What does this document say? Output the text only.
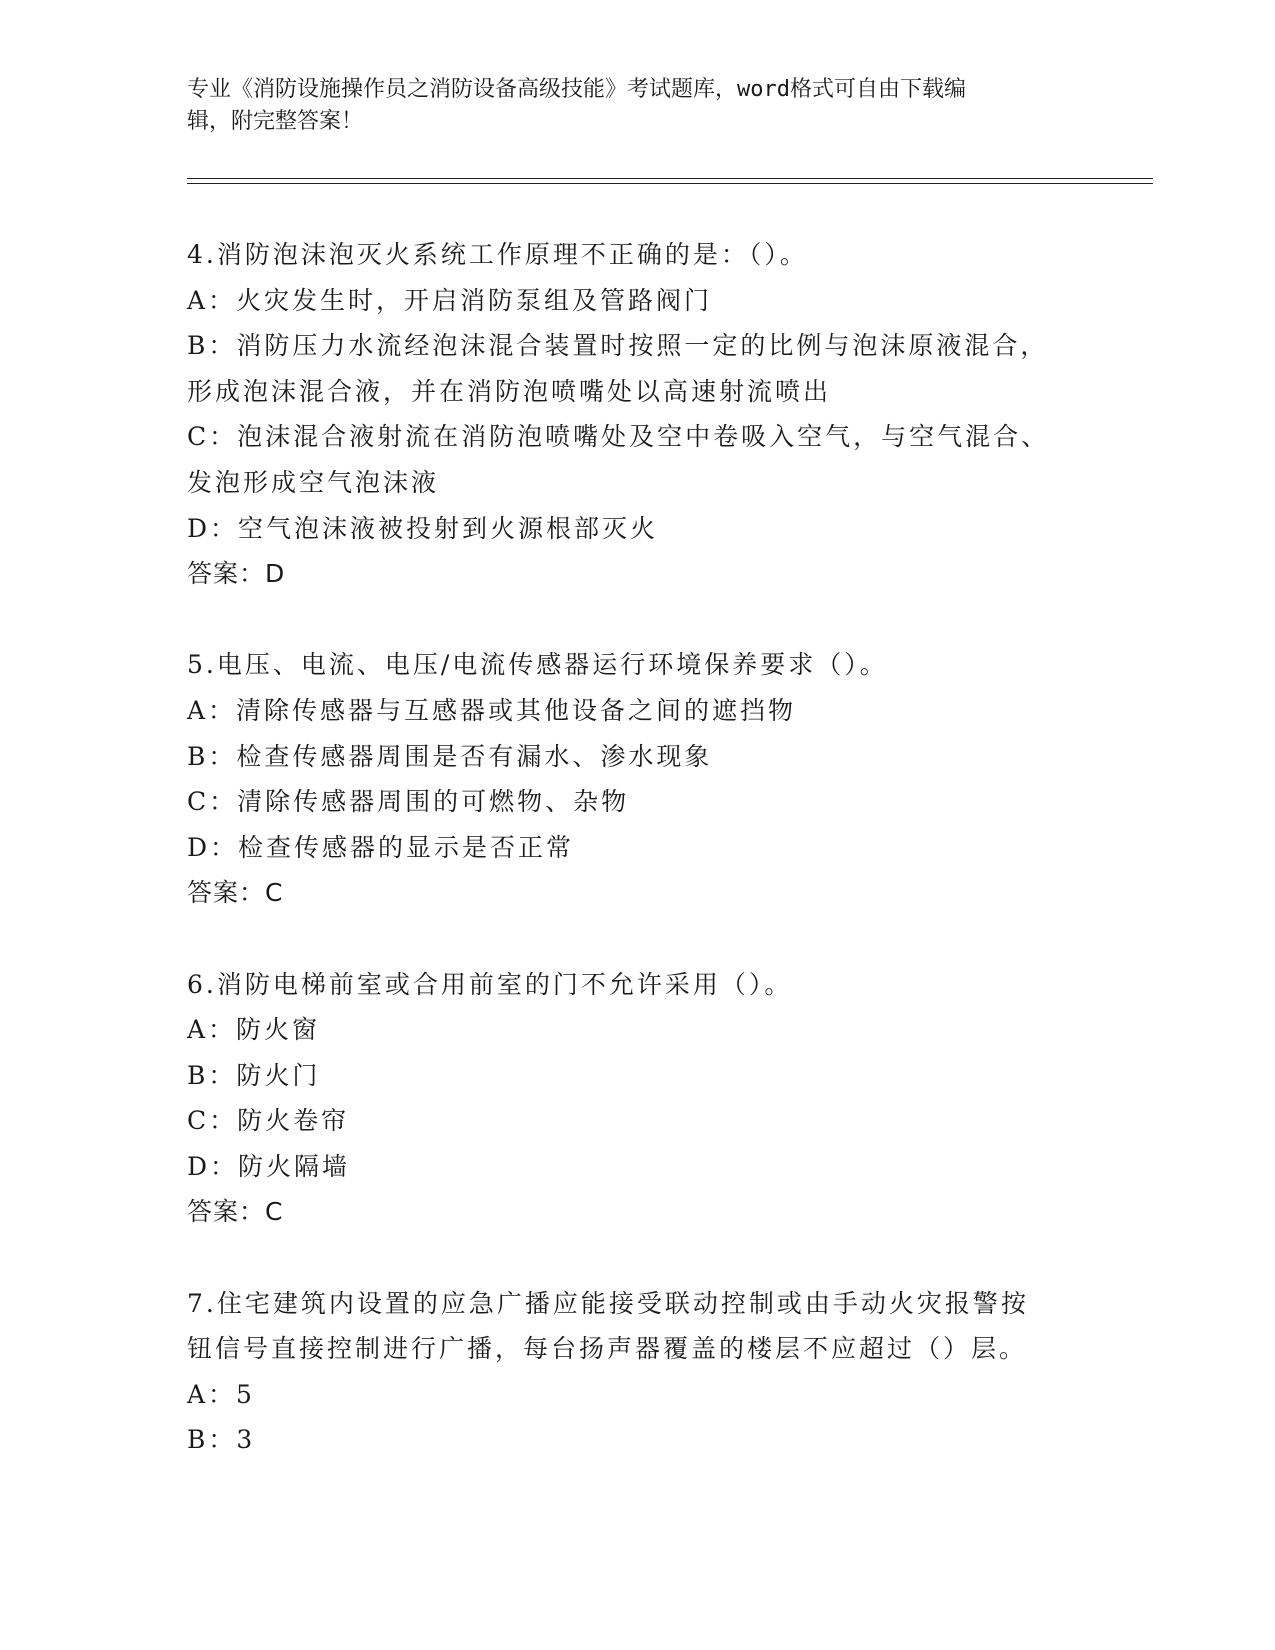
专业《消防设施操作员之消防设备高级技能》考试题库，word格式可自由下载编
辑，附完整答案！
4.消防泡沫泡灭火系统工作原理不正确的是：（）。
A：火灾发生时，开启消防泵组及管路阀门
B：消防压力水流经泡沫混合装置时按照一定的比例与泡沫原液混合，
形成泡沫混合液，并在消防泡喷嘴处以高速射流喷出
C：泡沫混合液射流在消防泡喷嘴处及空中卷吸入空气，与空气混合、
发泡形成空气泡沫液
D：空气泡沫液被投射到火源根部灭火
答案：D
5.电压、电流、电压/电流传感器运行环境保养要求（）。
A：清除传感器与互感器或其他设备之间的遮挡物
B：检查传感器周围是否有漏水、渗水现象
C：清除传感器周围的可燃物、杂物
D：检查传感器的显示是否正常
答案：C
6.消防电梯前室或合用前室的门不允许采用（）。
A：防火窗
B：防火门
C：防火卷帘
D：防火隔墙
答案：C
7.住宅建筑内设置的应急广播应能接受联动控制或由手动火灾报警按
钮信号直接控制进行广播，每台扬声器覆盖的楼层不应超过（）层。
A：5
B：3
